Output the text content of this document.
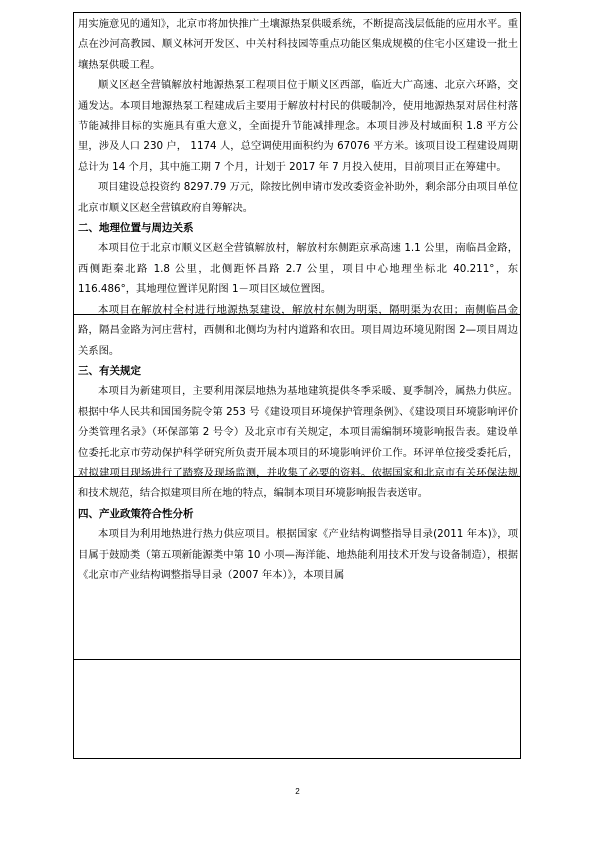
用实施意见的通知》，北京市将加快推广土壤源热泵供暖系统，不断提高浅层低能的应用水平。重点在沙河高教园、顺义林河开发区、中关村科技园等重点功能区集成规模的住宅小区建设一批土壤热泵供暖工程。

顺义区赵全营镇解放村地源热泵工程项目位于顺义区西部，临近大广高速、北京六环路，交通发达。本项目地源热泵工程建成后主要用于解放村村民的供暖制冷，使用地源热泵对居住村落节能减排目标的实施具有重大意义，全面提升节能减排理念。本项目涉及村域面积 1.8 平方公里，涉及人口 230 户， 1174 人，总空调使用面积约为 67076 平方米。该项目设工程建设周期总计为 14 个月，其中施工期 7 个月，计划于 2017 年 7 月投入使用，目前项目正在筹建中。

项目建设总投资约 8297.79 万元，除按比例申请市发改委资金补助外，剩余部分由项目单位北京市顺义区赵全营镇政府自筹解决。

二、地理位置与周边关系

本项目位于北京市顺义区赵全营镇解放村，解放村东侧距京承高速 1.1 公里，南临昌金路，西侧距秦北路 1.8 公里，北侧距怀昌路 2.7 公里，项目中心地理坐标北 40.211°，东 116.486°，其地理位置详见附图 1－项目区域位置图。

本项目在解放村全村进行地源热泵建设，解放村东侧为明渠，隔明渠为农田；南侧临昌金路，隔昌金路为河庄营村，西侧和北侧均为村内道路和农田。项目周边环境见附图 2—项目周边关系图。

三、有关规定

本项目为新建项目，主要利用深层地热为基地建筑提供冬季采暖、夏季制冷，属热力供应。根据中华人民共和国国务院令第 253 号《建设项目环境保护管理条例》、《建设项目环境影响评价分类管理名录》（环保部第 2 号令）及北京市有关规定，本项目需编制环境影响报告表。建设单位委托北京市劳动保护科学研究所负责开展本项目的环境影响评价工作。环评单位接受委托后，对拟建项目现场进行了踏察及现场监测，并收集了必要的资料。依据国家和北京市有关环保法规和技术规范，结合拟建项目所在地的特点，编制本项目环境影响报告表送审。

四、产业政策符合性分析

本项目为利用地热进行热力供应项目。根据国家《产业结构调整指导目录(2011 年本)》，项目属于鼓励类（第五项新能源类中第 10 小项—海洋能、地热能利用技术开发与设备制造），根据《北京市产业结构调整指导目录（2007 年本）》，本项目属

2
